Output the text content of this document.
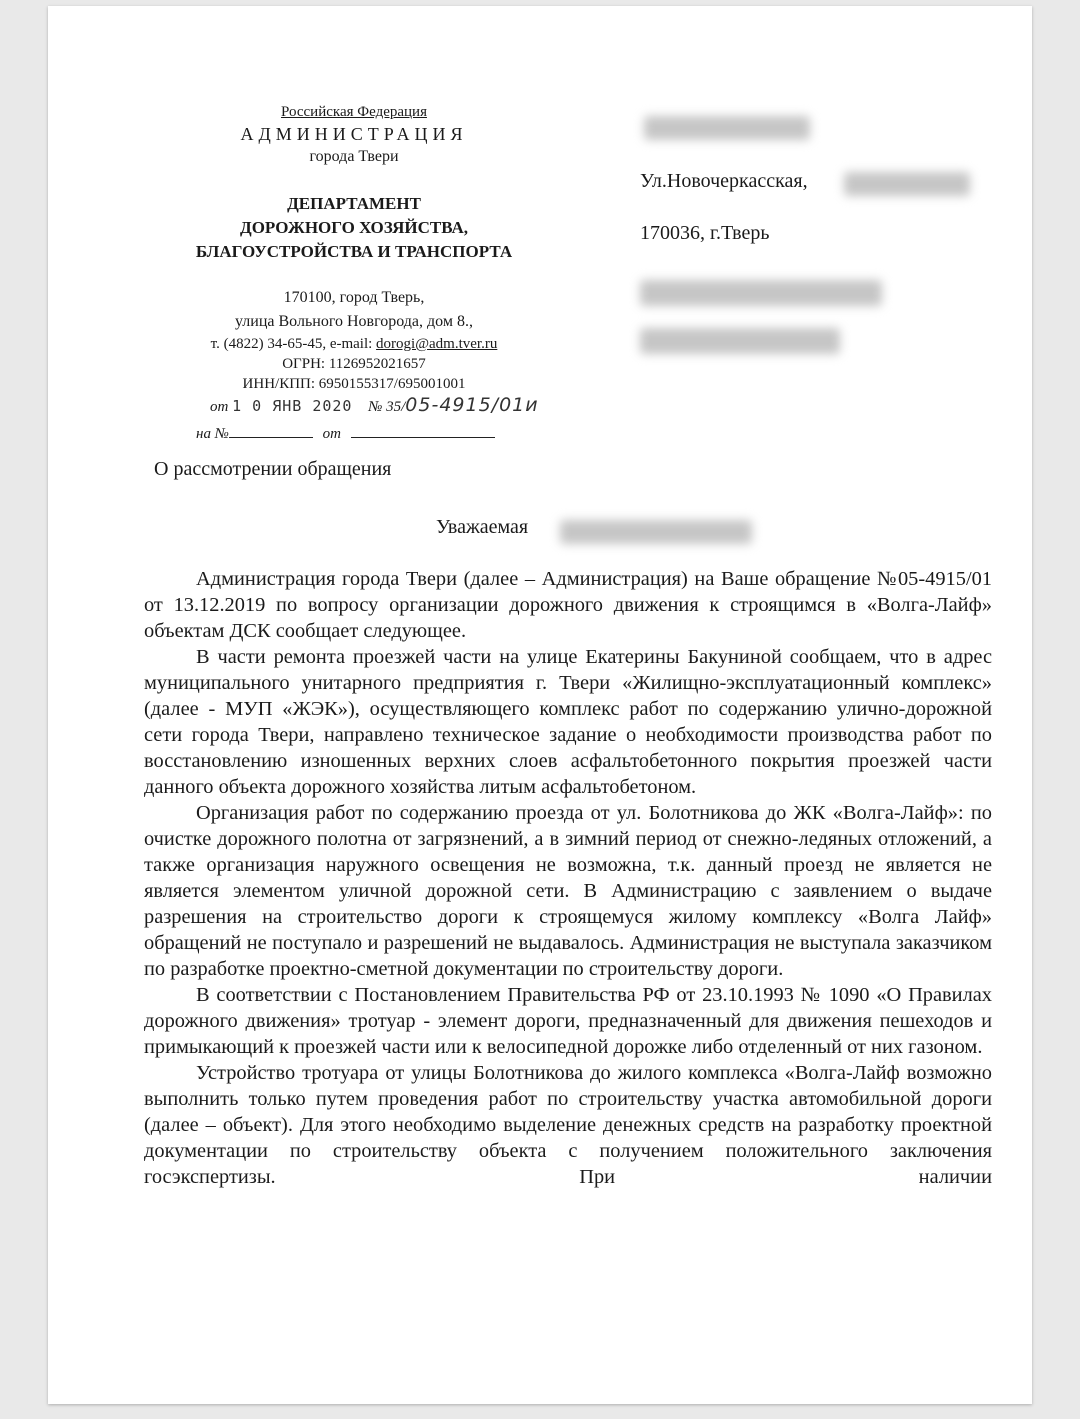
Российская Федерация
АДМИНИСТРАЦИЯ
города Твери
ДЕПАРТАМЕНТ
ДОРОЖНОГО ХОЗЯЙСТВА,
БЛАГОУСТРОЙСТВА И ТРАНСПОРТА
170100, город Тверь,
улица Вольного Новгорода, дом 8.,
т. (4822) 34-65-45, e-mail: dorogi@adm.tver.ru
ОГРН: 1126952021657
ИНН/КПП: 6950155317/695001001
от 1 0 ЯНВ 2020 № 35/05-4915/01и
на №	от
Ул.Новочеркасская,
170036, г.Тверь
О рассмотрении обращения
Уважаемая

Администрация города Твери (далее – Администрация) на Ваше обращение №05-4915/01 от 13.12.2019 по вопросу организации дорожного движения к строящимся в «Волга-Лайф» объектам ДСК сообщает следующее.

В части ремонта проезжей части на улице Екатерины Бакуниной сообщаем, что в адрес муниципального унитарного предприятия г. Твери «Жилищно-эксплуатационный комплекс» (далее - МУП «ЖЭК»), осуществляющего комплекс работ по содержанию улично-дорожной сети города Твери, направлено техническое задание о необходимости производства работ по восстановлению изношенных верхних слоев асфальтобетонного покрытия проезжей части данного объекта дорожного хозяйства литым асфальтобетоном.

Организация работ по содержанию проезда от ул. Болотникова до ЖК «Волга-Лайф»: по очистке дорожного полотна от загрязнений, а в зимний период от снежно-ледяных отложений, а также организация наружного освещения не возможна, т.к. данный проезд не является не является элементом уличной дорожной сети. В Администрацию с заявлением о выдаче разрешения на строительство дороги к строящемуся жилому комплексу «Волга Лайф» обращений не поступало и разрешений не выдавалось. Администрация не выступала заказчиком по разработке проектно-сметной документации по строительству дороги.

В соответствии с Постановлением Правительства РФ от 23.10.1993 № 1090 «О Правилах дорожного движения» тротуар - элемент дороги, предназначенный для движения пешеходов и примыкающий к проезжей части или к велосипедной дорожке либо отделенный от них газоном.

Устройство тротуара от улицы Болотникова до жилого комплекса «Волга-Лайф возможно выполнить только путем проведения работ по строительству участка автомобильной дороги (далее – объект). Для этого необходимо выделение денежных средств на разработку проектной документации по строительству объекта с получением положительного заключения госэкспертизы. При наличии
